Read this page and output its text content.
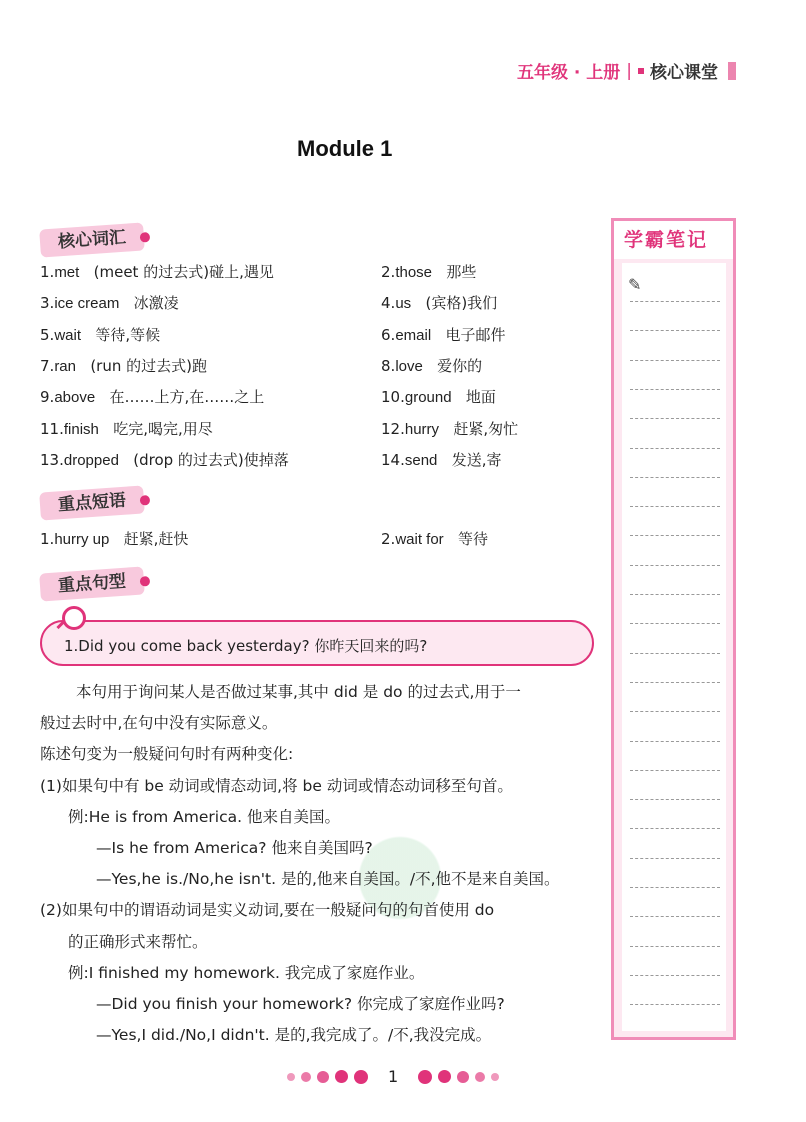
五年级 · 上册 | 核心课堂
Module 1
核心词汇
1.met (meet 的过去式)碰上,遇见	2.those 那些
3.ice cream 冰激凌	4.us (宾格)我们
5.wait 等待,等候	6.email 电子邮件
7.ran (run 的过去式)跑	8.love 爱你的
9.above 在……上方,在……之上	10.ground 地面
11.finish 吃完,喝完,用尽	12.hurry 赶紧,匆忙
13.dropped (drop 的过去式)使掉落	14.send 发送,寄
重点短语
1.hurry up 赶紧,赶快	2.wait for 等待
重点句型
1.Did you come back yesterday? 你昨天回来的吗?
本句用于询问某人是否做过某事,其中 did 是 do 的过去式,用于一
般过去时中,在句中没有实际意义。
陈述句变为一般疑问句时有两种变化:
(1)如果句中有 be 动词或情态动词,将 be 动词或情态动词移至句首。
例:He is from America. 他来自美国。
—Is he from America? 他来自美国吗?
—Yes,he is./No,he isn't. 是的,他来自美国。/不,他不是来自美国。
(2)如果句中的谓语动词是实义动词,要在一般疑问句的句首使用 do
的正确形式来帮忙。
例:I finished my homework. 我完成了家庭作业。
—Did you finish your homework? 你完成了家庭作业吗?
—Yes,I did./No,I didn't. 是的,我完成了。/不,我没完成。
学霸笔记
✎
1
